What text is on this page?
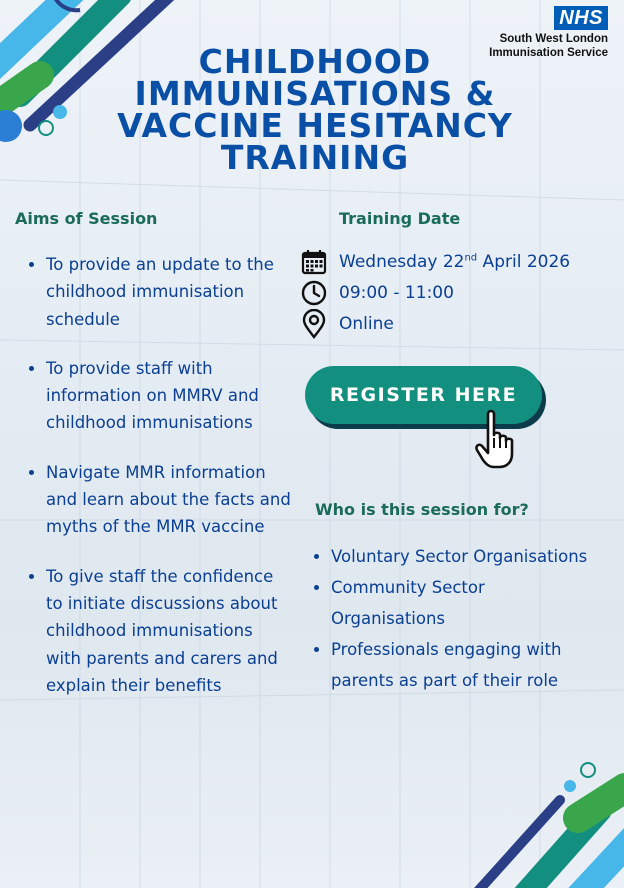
CHILDHOOD
IMMUNISATIONS &
VACCINE HESITANCY
TRAINING
NHS
South West London
Immunisation Service
Aims of Session
• To provide an update to the childhood immunisation schedule
• To provide staff with information on MMRV and childhood immunisations
• Navigate MMR information and learn about the facts and myths of the MMR vaccine
• To give staff the confidence to initiate discussions about childhood immunisations with parents and carers and explain their benefits
Training Date
Wednesday 22nd April 2026
09:00 - 11:00
Online
REGISTER HERE
Who is this session for?
• Voluntary Sector Organisations
• Community Sector Organisations
• Professionals engaging with parents as part of their role
